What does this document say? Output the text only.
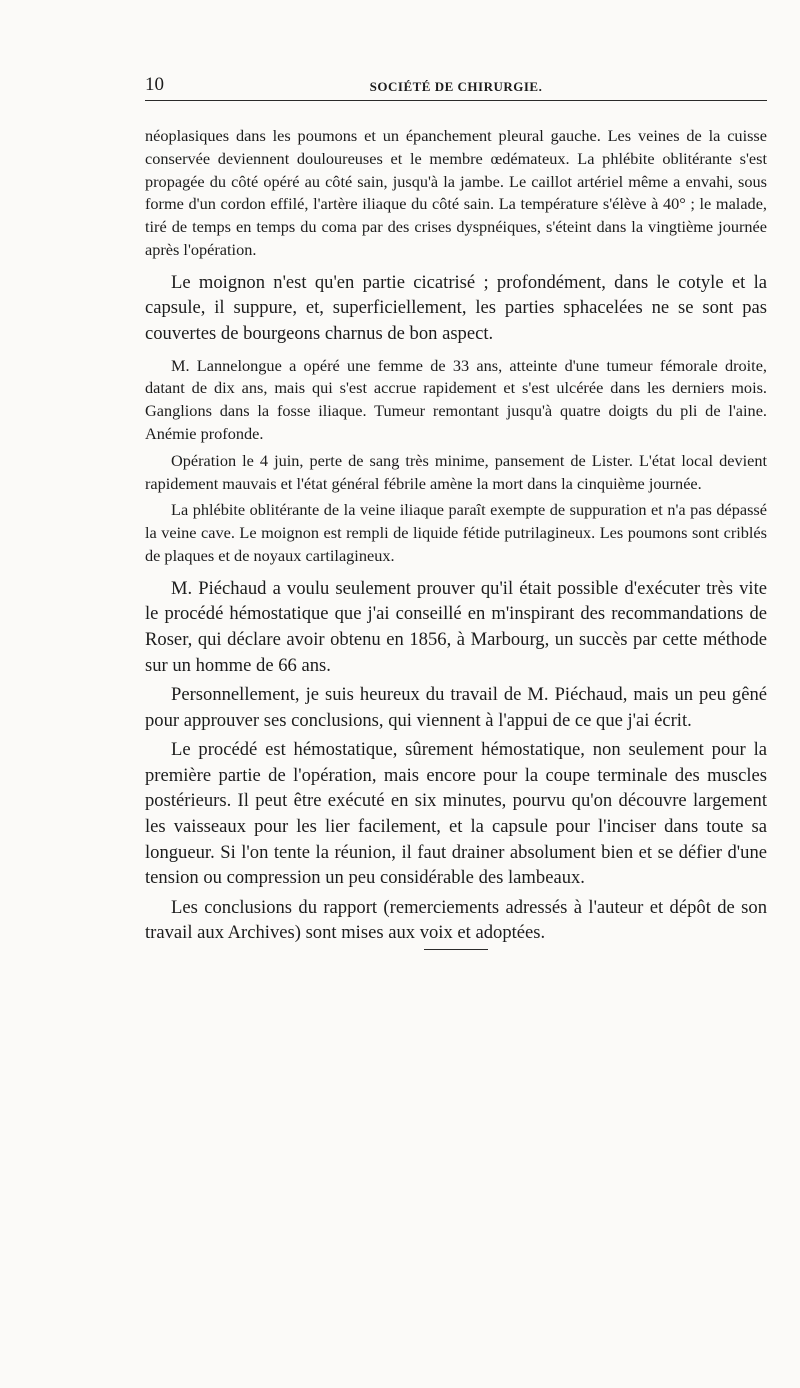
10	SOCIÉTÉ DE CHIRURGIE.

néoplasiques dans les poumons et un épanchement pleural gauche. Les veines de la cuisse conservée deviennent douloureuses et le membre œdémateux. La phlébite oblitérante s'est propagée du côté opéré au côté sain, jusqu'à la jambe. Le caillot artériel même a envahi, sous forme d'un cordon effilé, l'artère iliaque du côté sain. La température s'élève à 40° ; le malade, tiré de temps en temps du coma par des crises dyspnéiques, s'éteint dans la vingtième journée après l'opération.

Le moignon n'est qu'en partie cicatrisé ; profondément, dans le cotyle et la capsule, il suppure, et, superficiellement, les parties sphacelées ne se sont pas couvertes de bourgeons charnus de bon aspect.

M. Lannelongue a opéré une femme de 33 ans, atteinte d'une tumeur fémorale droite, datant de dix ans, mais qui s'est accrue rapidement et s'est ulcérée dans les derniers mois. Ganglions dans la fosse iliaque. Tumeur remontant jusqu'à quatre doigts du pli de l'aine. Anémie profonde.

Opération le 4 juin, perte de sang très minime, pansement de Lister. L'état local devient rapidement mauvais et l'état général fébrile amène la mort dans la cinquième journée.

La phlébite oblitérante de la veine iliaque paraît exempte de suppuration et n'a pas dépassé la veine cave. Le moignon est rempli de liquide fétide putrilagineux. Les poumons sont criblés de plaques et de noyaux cartilagineux.

M. Piéchaud a voulu seulement prouver qu'il était possible d'exécuter très vite le procédé hémostatique que j'ai conseillé en m'inspirant des recommandations de Roser, qui déclare avoir obtenu en 1856, à Marbourg, un succès par cette méthode sur un homme de 66 ans.

Personnellement, je suis heureux du travail de M. Piéchaud, mais un peu gêné pour approuver ses conclusions, qui viennent à l'appui de ce que j'ai écrit.

Le procédé est hémostatique, sûrement hémostatique, non seulement pour la première partie de l'opération, mais encore pour la coupe terminale des muscles postérieurs. Il peut être exécuté en six minutes, pourvu qu'on découvre largement les vaisseaux pour les lier facilement, et la capsule pour l'inciser dans toute sa longueur. Si l'on tente la réunion, il faut drainer absolument bien et se défier d'une tension ou compression un peu considérable des lambeaux.

Les conclusions du rapport (remerciements adressés à l'auteur et dépôt de son travail aux Archives) sont mises aux voix et adoptées.
